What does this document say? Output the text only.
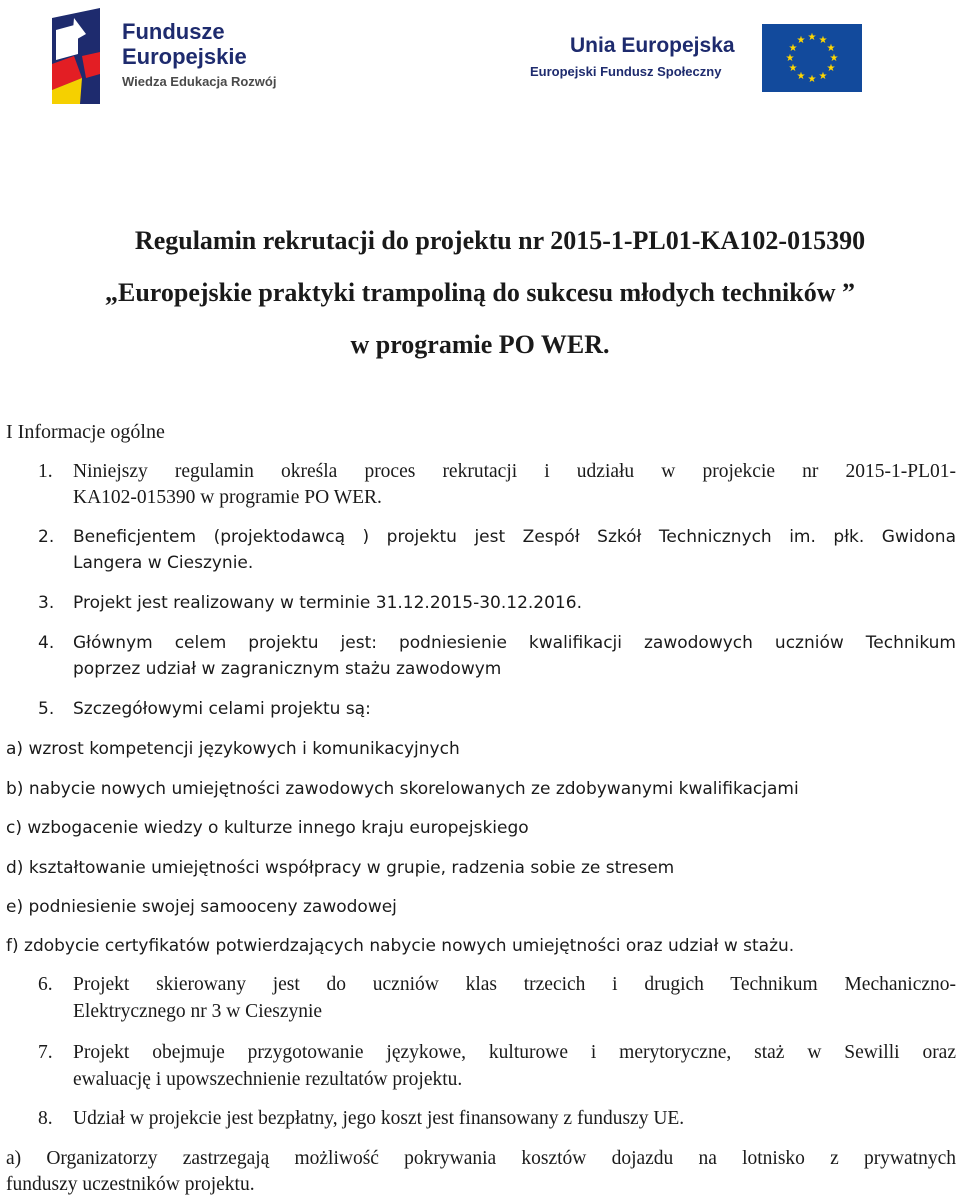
Fundusze
Europejskie
Wiedza Edukacja Rozwój
Unia Europejska
Europejski Fundusz Społeczny
★ ★
★
★
★
★
★
★
★
★
★
★
Regulamin rekrutacji do projektu nr 2015-1-PL01-KA102-015390
„Europejskie praktyki trampoliną do sukcesu młodych techników ”
w programie PO WER.
I Informacje ogólne
1. Niniejszy regulamin określa proces rekrutacji i udziału w projekcie nr 2015-1-PL01-
KA102-015390 w programie PO WER.
2. Beneficjentem (projektodawcą ) projektu jest Zespół Szkół Technicznych im. płk. Gwidona
Langera w Cieszynie.
3. Projekt jest realizowany w terminie 31.12.2015-30.12.2016.
4. Głównym celem projektu jest: podniesienie kwalifikacji zawodowych uczniów Technikum
poprzez udział w zagranicznym stażu zawodowym
5. Szczegółowymi celami projektu są:
a) wzrost kompetencji językowych i komunikacyjnych
b) nabycie nowych umiejętności zawodowych skorelowanych ze zdobywanymi kwalifikacjami
c) wzbogacenie wiedzy o kulturze innego kraju europejskiego
d) kształtowanie umiejętności współpracy w grupie, radzenia sobie ze stresem
e) podniesienie swojej samooceny zawodowej
f) zdobycie certyfikatów potwierdzających nabycie nowych umiejętności oraz udział w stażu.
6. Projekt skierowany jest do uczniów klas trzecich i drugich Technikum Mechaniczno-
Elektrycznego nr 3 w Cieszynie
7. Projekt obejmuje przygotowanie językowe, kulturowe i merytoryczne, staż w Sewilli oraz
ewaluację i upowszechnienie rezultatów projektu.
8. Udział w projekcie jest bezpłatny, jego koszt jest finansowany z funduszy UE.
a) Organizatorzy zastrzegają możliwość pokrywania kosztów dojazdu na lotnisko z prywatnych
funduszy uczestników projektu.
